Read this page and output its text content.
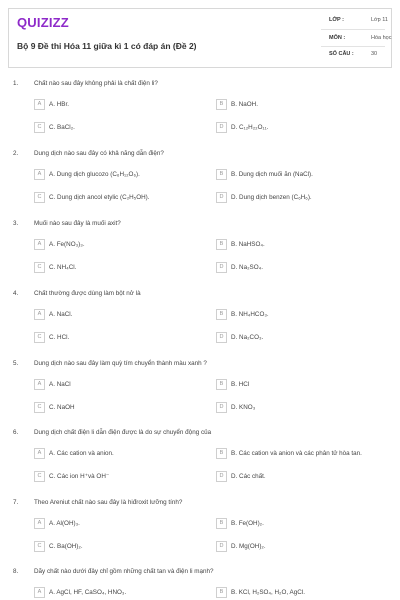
QUIZIZZ
Bộ 9 Đề thi Hóa 11 giữa kì 1 có đáp án (Đề 2)
LỚP :	Lớp 11
MÔN :	Hóa học
SỐ CÂU :	30
1. Chất nào sau đây không phải là chất điện li?
A	A. HBr.	B	B. NaOH.
C	C. BaCl₂.	D	D. C₁₂H₂₂O₁₁.
2. Dung dịch nào sau đây có khả năng dẫn điện?
A	A. Dung dịch glucozo (C₆H₁₂O₆).	B	B. Dung dịch muối ăn (NaCl).
C	C. Dung dịch ancol etylic (C₂H₅OH).	D	D. Dung dịch benzen (C₆H₆).
3. Muối nào sau đây là muối axit?
A	A. Fe(NO₃)₃.	B	B. NaHSO₄.
C	C. NH₄Cl.	D	D. Na₂SO₄.
4. Chất thường được dùng làm bột nở là
A	A. NaCl.	B	B. NH₄HCO₃.
C	C. HCl.	D	D. Na₂CO₃.
5. Dung dịch nào sau đây làm quỳ tím chuyển thành màu xanh ?
A	A. NaCl	B	B. HCl
C	C. NaOH	D	D. KNO₃
6. Dung dịch chất điện li dẫn điện được là do sự chuyển động của
A	A. Các cation và anion.	B	B. Các cation và anion và các phân tử hòa tan.
C	C. Các ion H⁺và OH⁻	D	D. Các chất.
7. Theo Areniut chất nào sau đây là hiđroxit lưỡng tính?
A	A. Al(OH)₃.	B	B. Fe(OH)₂.
C	C. Ba(OH)₂.	D	D. Mg(OH)₂.
8. Dãy chất nào dưới đây chỉ gồm những chất tan và điện li mạnh?
A	A. AgCl, HF, CaSO₄, HNO₃.	B	B. KCl, H₂SO₄, H₂O, AgCl.
